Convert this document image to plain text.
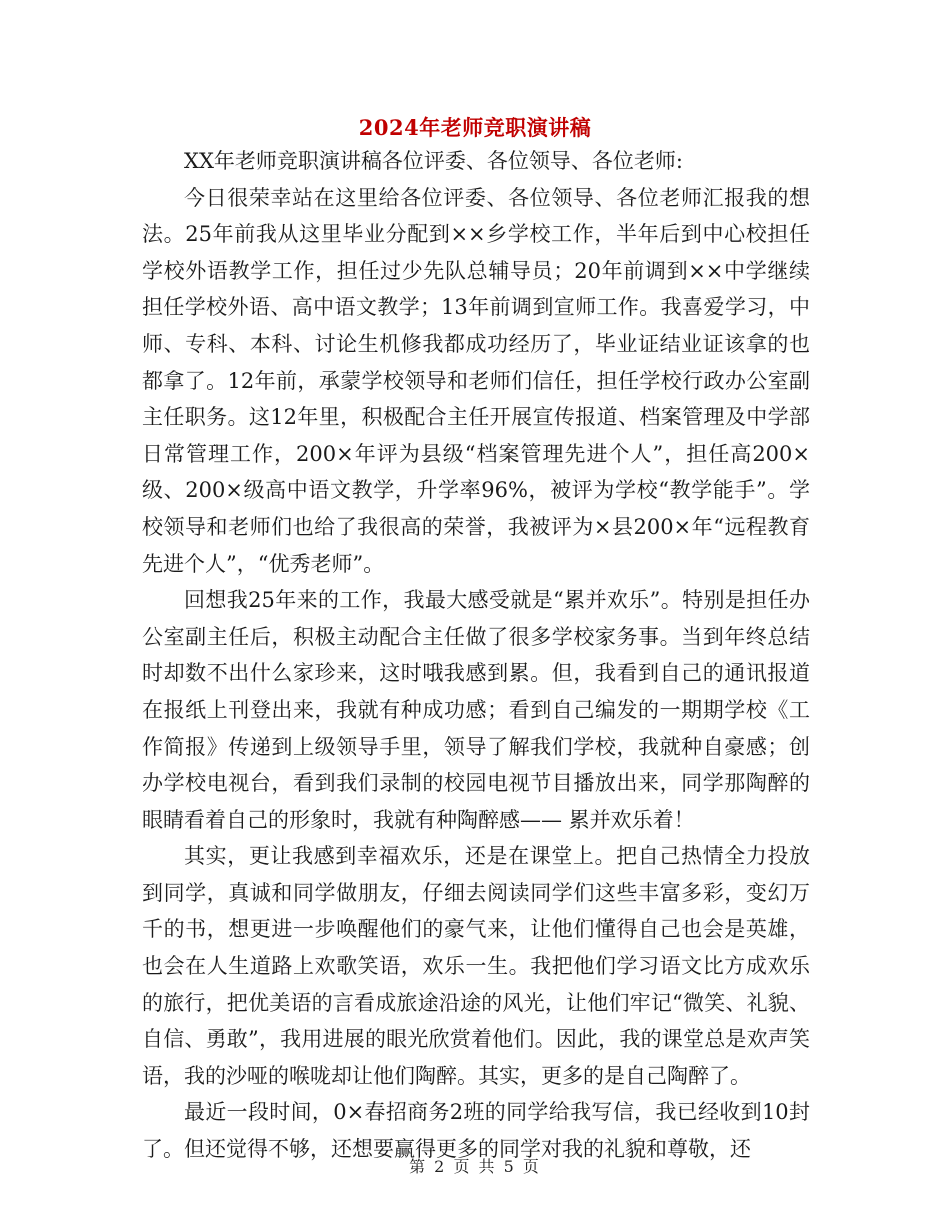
2024年老师竞职演讲稿

XX年老师竞职演讲稿各位评委、各位领导、各位老师:

今日很荣幸站在这里给各位评委、各位领导、各位老师汇报我的想法。25年前我从这里毕业分配到××乡学校工作，半年后到中心校担任学校外语教学工作，担任过少先队总辅导员；20年前调到××中学继续担任学校外语、高中语文教学；13年前调到宣师工作。我喜爱学习，中师、专科、本科、讨论生机修我都成功经历了，毕业证结业证该拿的也都拿了。12年前，承蒙学校领导和老师们信任，担任学校行政办公室副主任职务。这12年里，积极配合主任开展宣传报道、档案管理及中学部日常管理工作，200×年评为县级“档案管理先进个人”，担任高200×级、200×级高中语文教学，升学率96%，被评为学校“教学能手”。学校领导和老师们也给了我很高的荣誉，我被评为×县200×年“远程教育先进个人”，“优秀老师”。

回想我25年来的工作，我最大感受就是“累并欢乐”。特别是担任办公室副主任后，积极主动配合主任做了很多学校家务事。当到年终总结时却数不出什么家珍来，这时哦我感到累。但，我看到自己的通讯报道在报纸上刊登出来，我就有种成功感；看到自己编发的一期期学校《工作简报》传递到上级领导手里，领导了解我们学校，我就种自豪感；创办学校电视台，看到我们录制的校园电视节目播放出来，同学那陶醉的眼睛看着自己的形象时，我就有种陶醉感—— 累并欢乐着！

其实，更让我感到幸福欢乐，还是在课堂上。把自己热情全力投放到同学，真诚和同学做朋友，仔细去阅读同学们这些丰富多彩，变幻万千的书，想更进一步唤醒他们的豪气来，让他们懂得自己也会是英雄，也会在人生道路上欢歌笑语，欢乐一生。我把他们学习语文比方成欢乐的旅行，把优美语的言看成旅途沿途的风光，让他们牢记“微笑、礼貌、自信、勇敢”，我用进展的眼光欣赏着他们。因此，我的课堂总是欢声笑语，我的沙哑的喉咙却让他们陶醉。其实，更多的是自己陶醉了。

最近一段时间，0×春招商务2班的同学给我写信，我已经收到10封了。但还觉得不够，还想要赢得更多的同学对我的礼貌和尊敬，还

第 2 页 共 5 页
